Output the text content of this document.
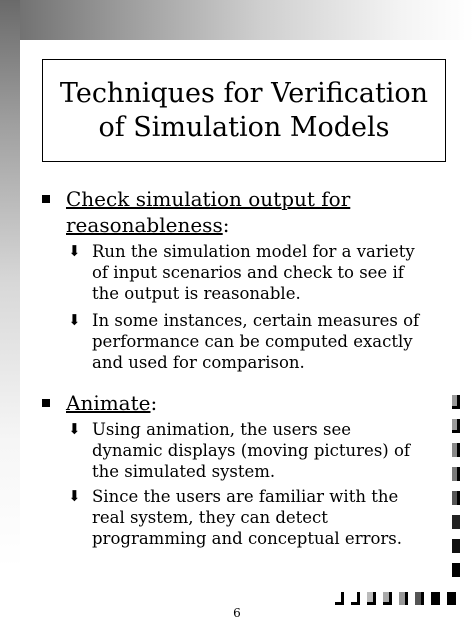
Techniques for Verification
of Simulation Models
Check simulation output for
reasonableness:
⬇ Run the simulation model for a variety
of input scenarios and check to see if
the output is reasonable.
⬇ In some instances, certain measures of
performance can be computed exactly
and used for comparison.
Animate:
⬇ Using animation, the users see
dynamic displays (moving pictures) of
the simulated system.
⬇ Since the users are familiar with the
real system, they can detect
programming and conceptual errors.
6
